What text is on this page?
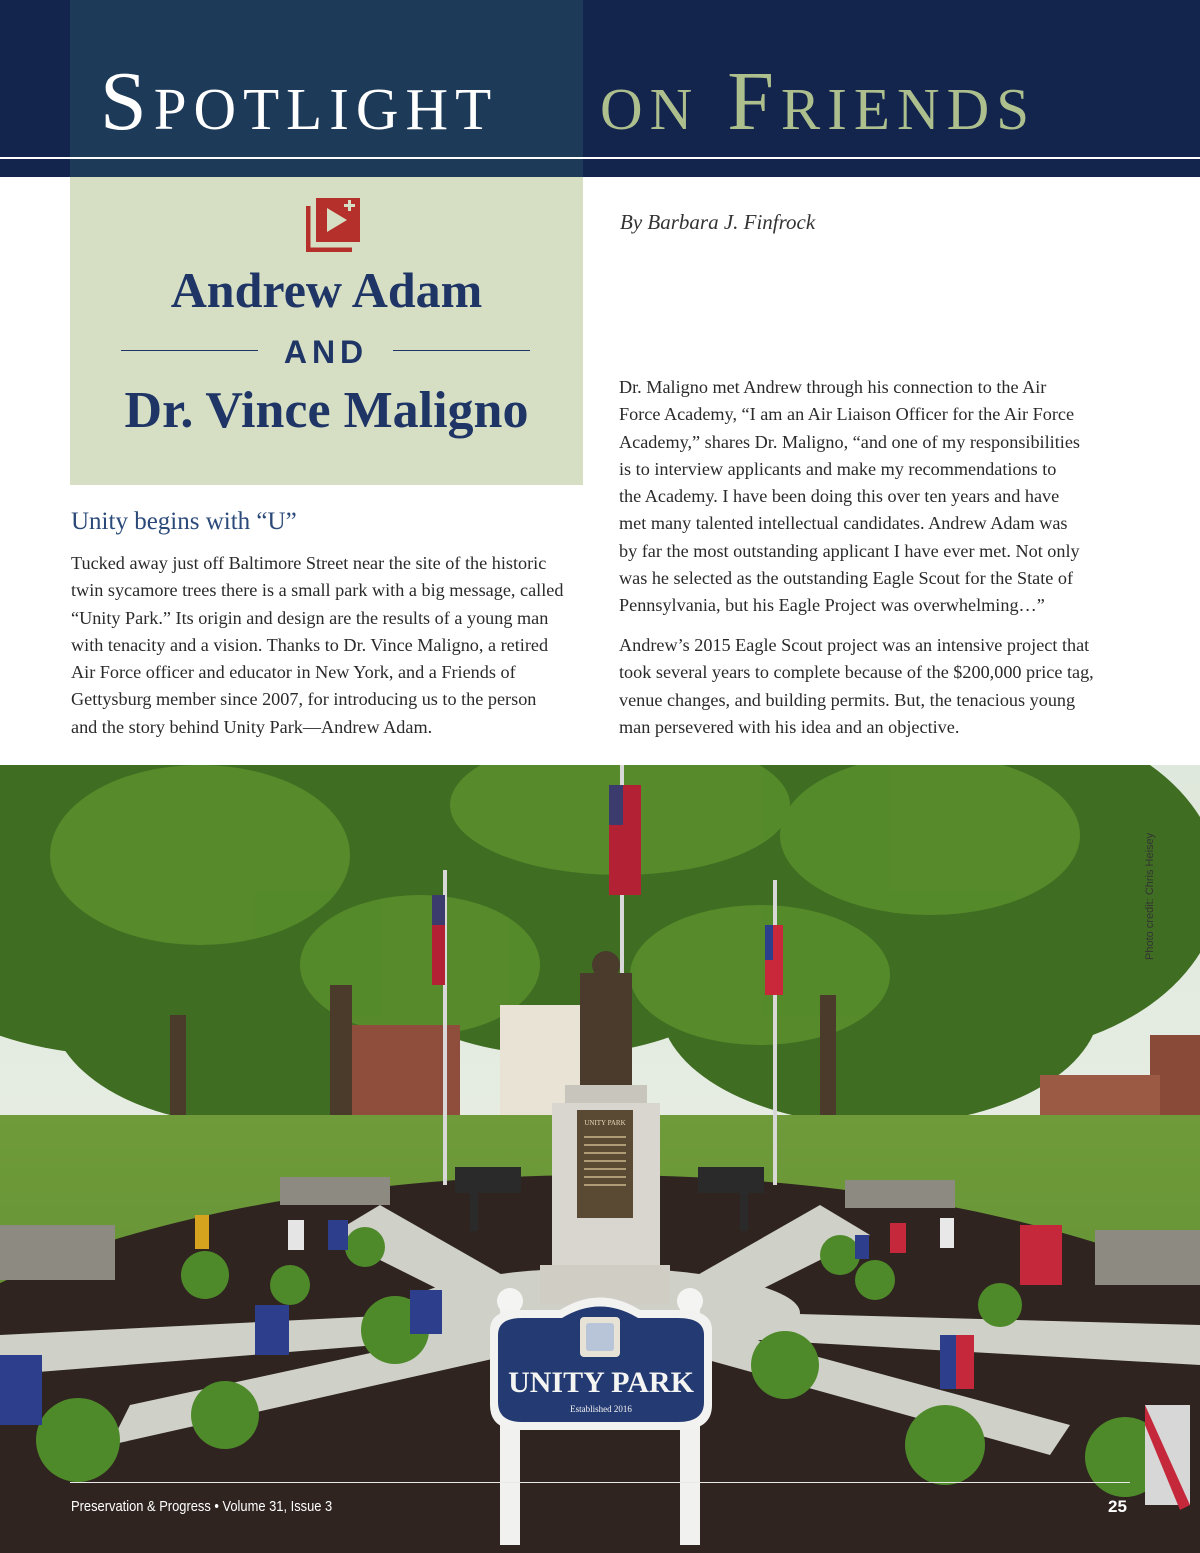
Spotlight on Friends
Andrew Adam
AND
Dr. Vince Maligno
By Barbara J. Finfrock
Unity begins with “U”
Tucked away just off Baltimore Street near the site of the historic
twin sycamore trees there is a small park with a big message, called
“Unity Park.” Its origin and design are the results of a young man
with tenacity and a vision. Thanks to Dr. Vince Maligno, a retired
Air Force officer and educator in New York, and a Friends of
Gettysburg member since 2007, for introducing us to the person
and the story behind Unity Park—Andrew Adam.
Dr. Maligno met Andrew through his connection to the Air
Force Academy, “I am an Air Liaison Officer for the Air Force
Academy,” shares Dr. Maligno, “and one of my responsibilities
is to interview applicants and make my recommendations to
the Academy. I have been doing this over ten years and have
met many talented intellectual candidates. Andrew Adam was
by far the most outstanding applicant I have ever met. Not only
was he selected as the outstanding Eagle Scout for the State of
Pennsylvania, but his Eagle Project was overwhelming…”
Andrew’s 2015 Eagle Scout project was an intensive project that
took several years to complete because of the $200,000 price tag,
venue changes, and building permits. But, the tenacious young
man persevered with his idea and an objective.
UNITY PARK
UNITY PARK
Established 2016
Photo credit: Chris Heisey
Preservation & Progress • Volume 31, Issue 3	25
